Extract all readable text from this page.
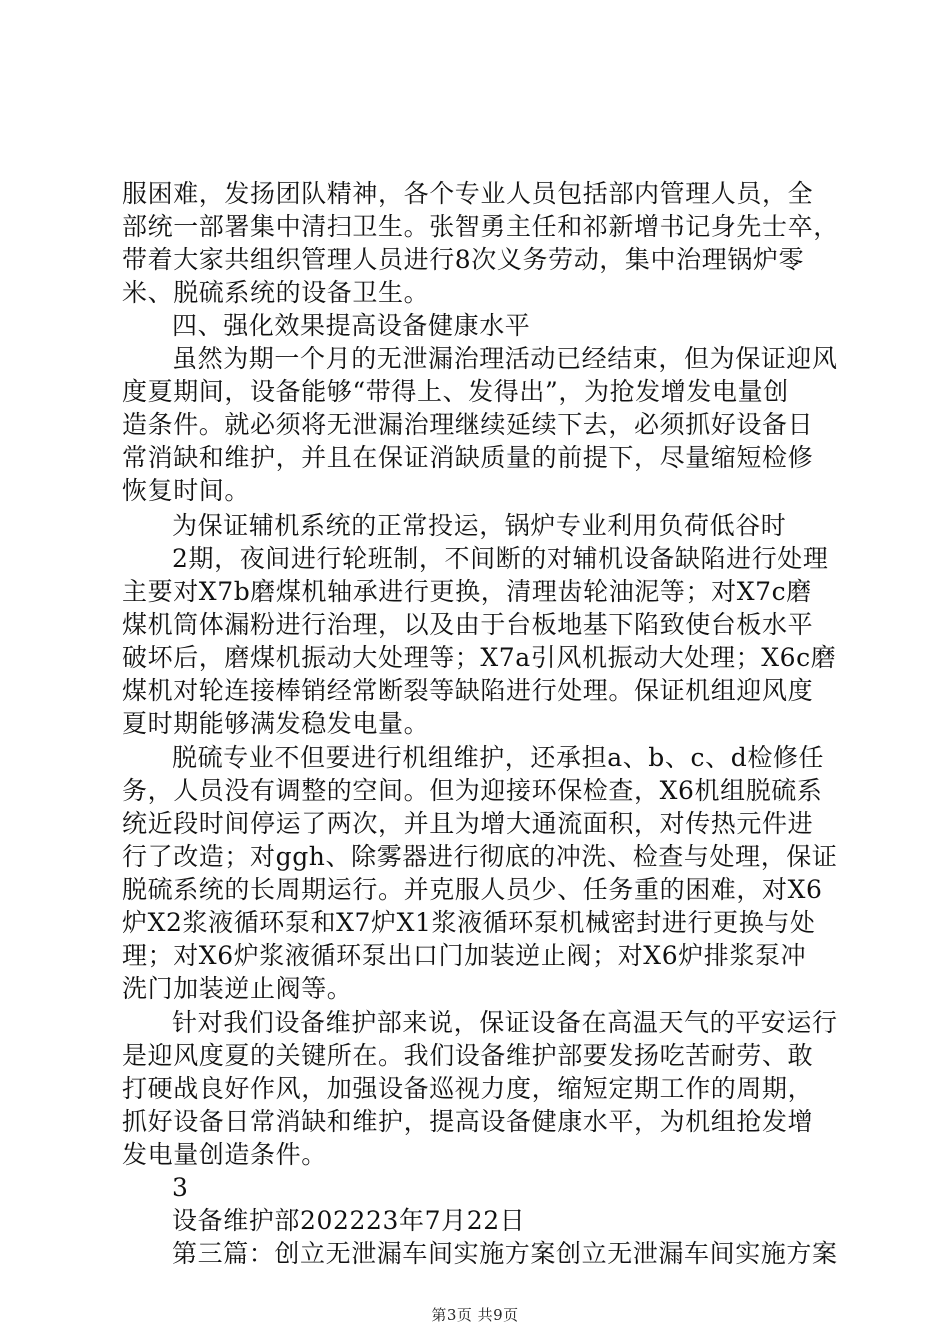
服困难，发扬团队精神，各个专业人员包括部内管理人员，全
部统一部署集中清扫卫生。张智勇主任和祁新增书记身先士卒，
带着大家共组织管理人员进行8次义务劳动，集中治理锅炉零
米、脱硫系统的设备卫生。
四、强化效果提高设备健康水平
虽然为期一个月的无泄漏治理活动已经结束，但为保证迎风
度夏期间，设备能够“带得上、发得出”，为抢发增发电量创
造条件。就必须将无泄漏治理继续延续下去，必须抓好设备日
常消缺和维护，并且在保证消缺质量的前提下，尽量缩短检修
恢复时间。
为保证辅机系统的正常投运，锅炉专业利用负荷低谷时
2期，夜间进行轮班制，不间断的对辅机设备缺陷进行处理
主要对X7b磨煤机轴承进行更换，清理齿轮油泥等；对X7c磨
煤机筒体漏粉进行治理，以及由于台板地基下陷致使台板水平
破坏后，磨煤机振动大处理等；X7a引风机振动大处理；X6c磨
煤机对轮连接棒销经常断裂等缺陷进行处理。保证机组迎风度
夏时期能够满发稳发电量。
脱硫专业不但要进行机组维护，还承担a、b、c、d检修任
务，人员没有调整的空间。但为迎接环保检查，X6机组脱硫系
统近段时间停运了两次，并且为增大通流面积，对传热元件进
行了改造；对ggh、除雾器进行彻底的冲洗、检查与处理，保证
脱硫系统的长周期运行。并克服人员少、任务重的困难，对X6
炉X2浆液循环泵和X7炉X1浆液循环泵机械密封进行更换与处
理；对X6炉浆液循环泵出口门加装逆止阀；对X6炉排浆泵冲
洗门加装逆止阀等。
针对我们设备维护部来说，保证设备在高温天气的平安运行
是迎风度夏的关键所在。我们设备维护部要发扬吃苦耐劳、敢
打硬战良好作风，加强设备巡视力度，缩短定期工作的周期，
抓好设备日常消缺和维护，提高设备健康水平，为机组抢发增
发电量创造条件。
3
设备维护部202223年7月22日
第三篇：创立无泄漏车间实施方案创立无泄漏车间实施方案
第3页 共9页
